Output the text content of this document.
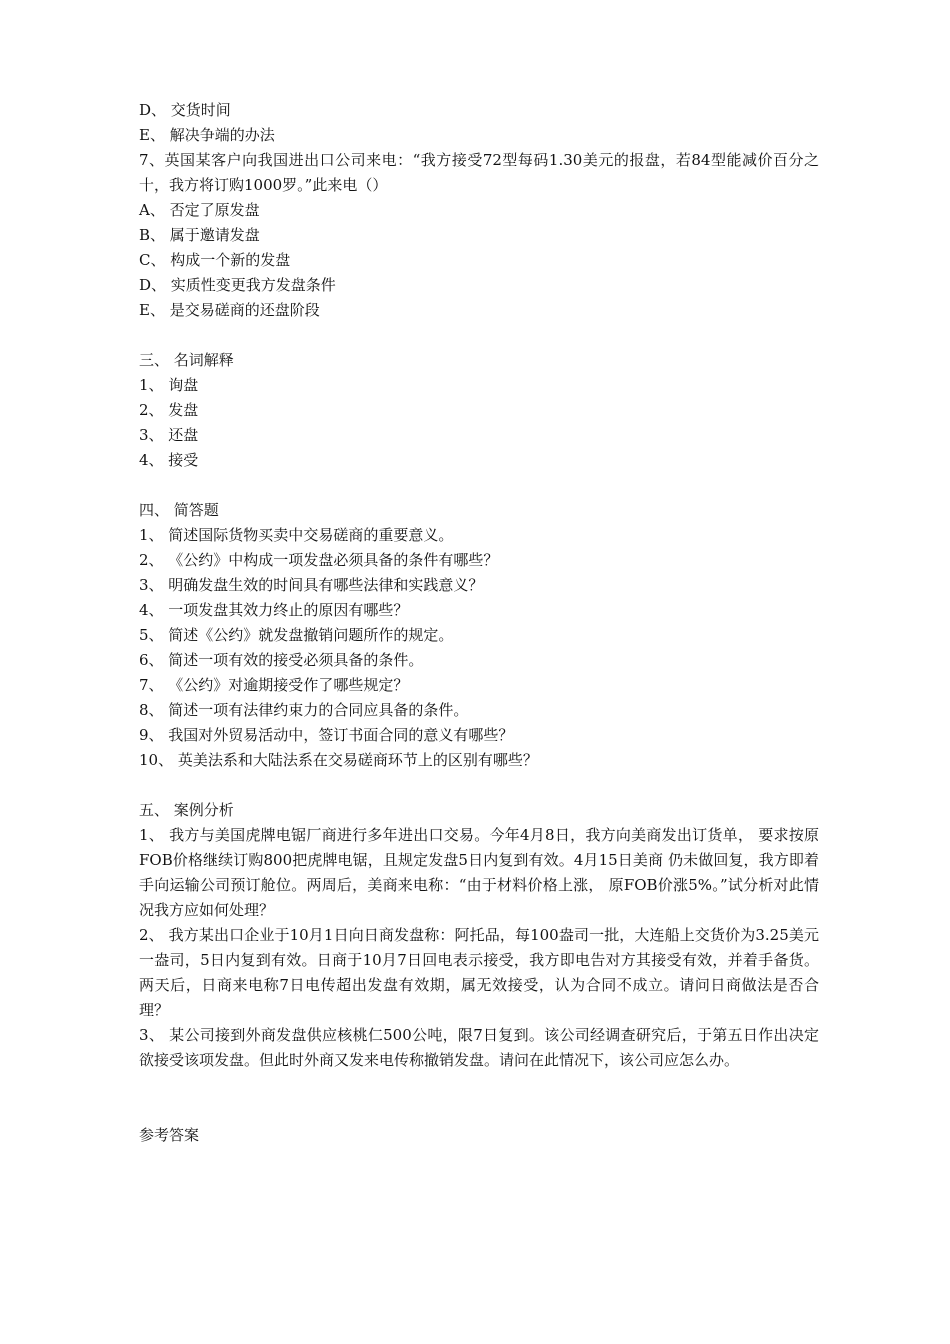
D、 交货时间
E、 解决争端的办法
7、英国某客户向我国进出口公司来电：“我方接受72型每码1.30美元的报盘，若84型能减价百分之十，我方将订购1000罗。”此来电（）
A、 否定了原发盘
B、 属于邀请发盘
C、 构成一个新的发盘
D、 实质性变更我方发盘条件
E、 是交易磋商的还盘阶段
三、 名词解释
1、 询盘
2、 发盘
3、 还盘
4、 接受
四、 简答题
1、 简述国际货物买卖中交易磋商的重要意义。
2、 《公约》中构成一项发盘必须具备的条件有哪些？
3、 明确发盘生效的时间具有哪些法律和实践意义？
4、 一项发盘其效力终止的原因有哪些？
5、 简述《公约》就发盘撤销问题所作的规定。
6、 简述一项有效的接受必须具备的条件。
7、 《公约》对逾期接受作了哪些规定？
8、 简述一项有法律约束力的合同应具备的条件。
9、 我国对外贸易活动中，签订书面合同的意义有哪些？
10、 英美法系和大陆法系在交易磋商环节上的区别有哪些？
五、 案例分析
1、 我方与美国虎牌电锯厂商进行多年进出口交易。今年4月8日，我方向美商发出订货单， 要求按原FOB价格继续订购800把虎牌电锯，且规定发盘5日内复到有效。4月15日美商 仍未做回复，我方即着手向运输公司预订舱位。两周后，美商来电称：“由于材料价格上涨， 原FOB价涨5%。”试分析对此情况我方应如何处理？
2、 我方某出口企业于10月1日向日商发盘称：阿托品，每100盎司一批，大连船上交货价为3.25美元一盎司，5日内复到有效。日商于10月7日回电表示接受，我方即电告对方其接受有效，并着手备货。两天后，日商来电称7日电传超出发盘有效期，属无效接受，认为合同不成立。请问日商做法是否合理？
3、 某公司接到外商发盘供应核桃仁500公吨，限7日复到。该公司经调查研究后，于第五日作出决定欲接受该项发盘。但此时外商又发来电传称撤销发盘。请问在此情况下，该公司应怎么办。
参考答案
